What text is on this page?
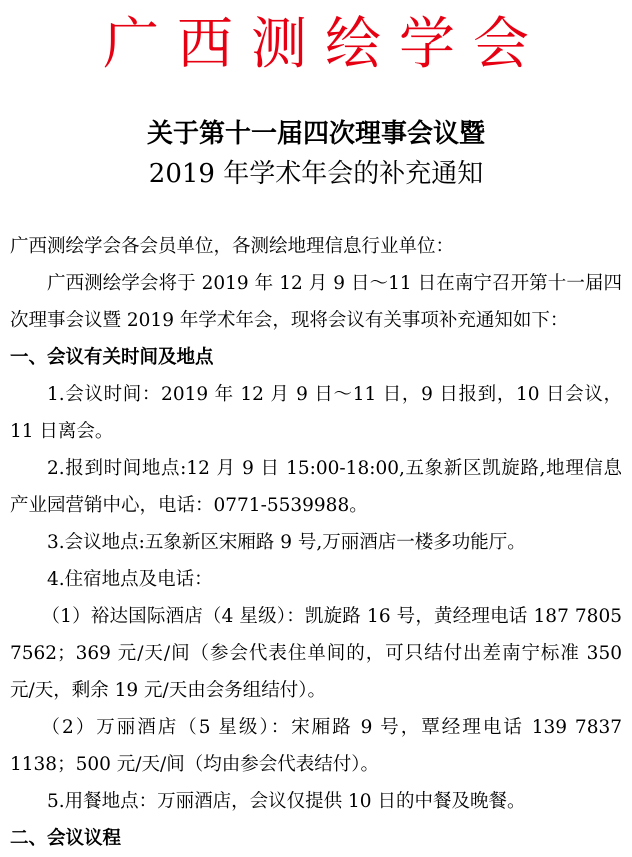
广西测绘学会
关于第十一届四次理事会议暨
2019 年学术年会的补充通知

广西测绘学会各会员单位，各测绘地理信息行业单位：

广西测绘学会将于 2019 年 12 月 9 日～11 日在南宁召开第十一届四次理事会议暨 2019 年学术年会，现将会议有关事项补充通知如下：

一、会议有关时间及地点

1.会议时间：2019 年 12 月 9 日～11 日，9 日报到，10 日会议，11 日离会。

2.报到时间地点:12 月 9 日 15:00-18:00,五象新区凯旋路,地理信息产业园营销中心，电话：0771-5539988。

3.会议地点:五象新区宋厢路 9 号,万丽酒店一楼多功能厅。

4.住宿地点及电话：

（1）裕达国际酒店（4 星级）：凯旋路 16 号，黄经理电话 187 7805 7562；369 元/天/间（参会代表住单间的，可只结付出差南宁标准 350 元/天，剩余 19 元/天由会务组结付）。

（2）万丽酒店（5 星级）：宋厢路 9 号，覃经理电话 139 7837 1138；500 元/天/间（均由参会代表结付）。

5.用餐地点：万丽酒店，会议仅提供 10 日的中餐及晚餐。

二、会议议程
